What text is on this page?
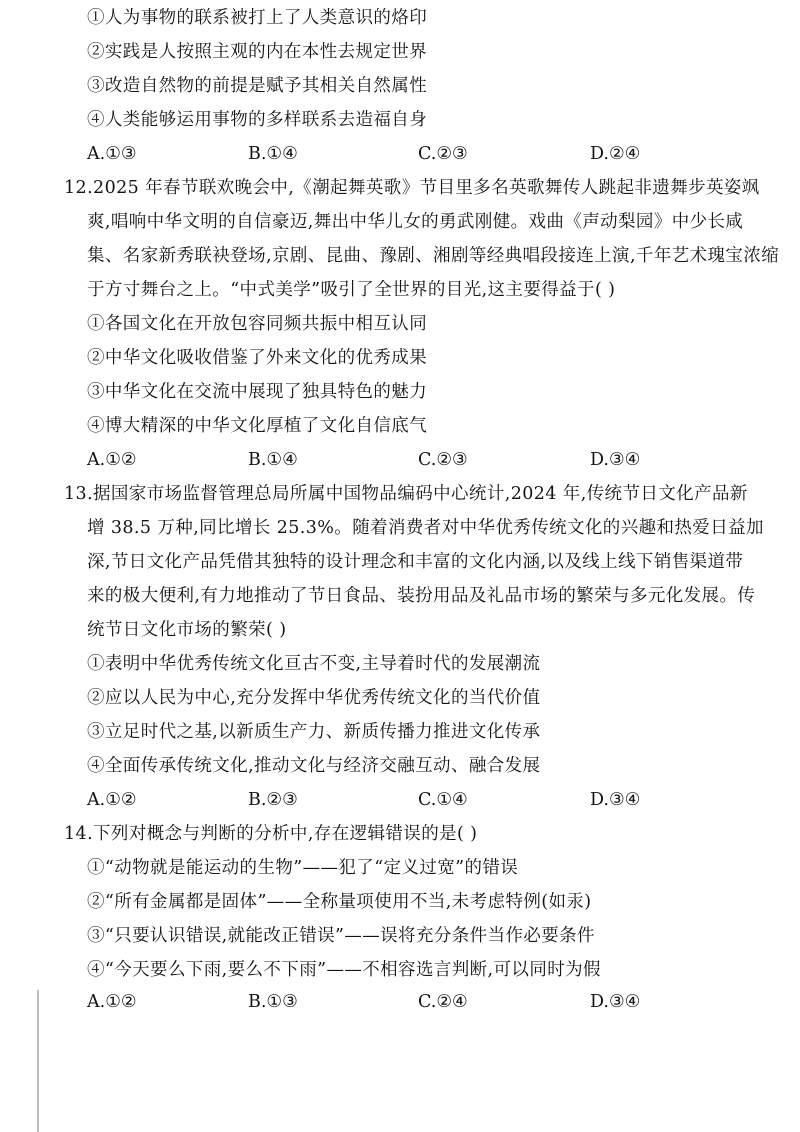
①人为事物的联系被打上了人类意识的烙印
②实践是人按照主观的内在本性去规定世界
③改造自然物的前提是赋予其相关自然属性
④人类能够运用事物的多样联系去造福自身
A.①③	B.①④	C.②③	D.②④
12.2025 年春节联欢晚会中,《潮起舞英歌》节目里多名英歌舞传人跳起非遗舞步英姿飒
爽,唱响中华文明的自信豪迈,舞出中华儿女的勇武刚健。戏曲《声动梨园》中少长咸
集、名家新秀联袂登场,京剧、昆曲、豫剧、湘剧等经典唱段接连上演,千年艺术瑰宝浓缩
于方寸舞台之上。“中式美学”吸引了全世界的目光,这主要得益于( )
①各国文化在开放包容同频共振中相互认同
②中华文化吸收借鉴了外来文化的优秀成果
③中华文化在交流中展现了独具特色的魅力
④博大精深的中华文化厚植了文化自信底气
A.①②	B.①④	C.②③	D.③④
13.据国家市场监督管理总局所属中国物品编码中心统计,2024 年,传统节日文化产品新
增 38.5 万种,同比增长 25.3%。随着消费者对中华优秀传统文化的兴趣和热爱日益加
深,节日文化产品凭借其独特的设计理念和丰富的文化内涵,以及线上线下销售渠道带
来的极大便利,有力地推动了节日食品、装扮用品及礼品市场的繁荣与多元化发展。传
统节日文化市场的繁荣( )
①表明中华优秀传统文化亘古不变,主导着时代的发展潮流
②应以人民为中心,充分发挥中华优秀传统文化的当代价值
③立足时代之基,以新质生产力、新质传播力推进文化传承
④全面传承传统文化,推动文化与经济交融互动、融合发展
A.①②	B.②③	C.①④	D.③④
14.下列对概念与判断的分析中,存在逻辑错误的是( )
①“动物就是能运动的生物”——犯了“定义过宽”的错误
②“所有金属都是固体”——全称量项使用不当,未考虑特例(如汞)
③“只要认识错误,就能改正错误”——误将充分条件当作必要条件
④“今天要么下雨,要么不下雨”——不相容选言判断,可以同时为假
A.①②	B.①③	C.②④	D.③④
